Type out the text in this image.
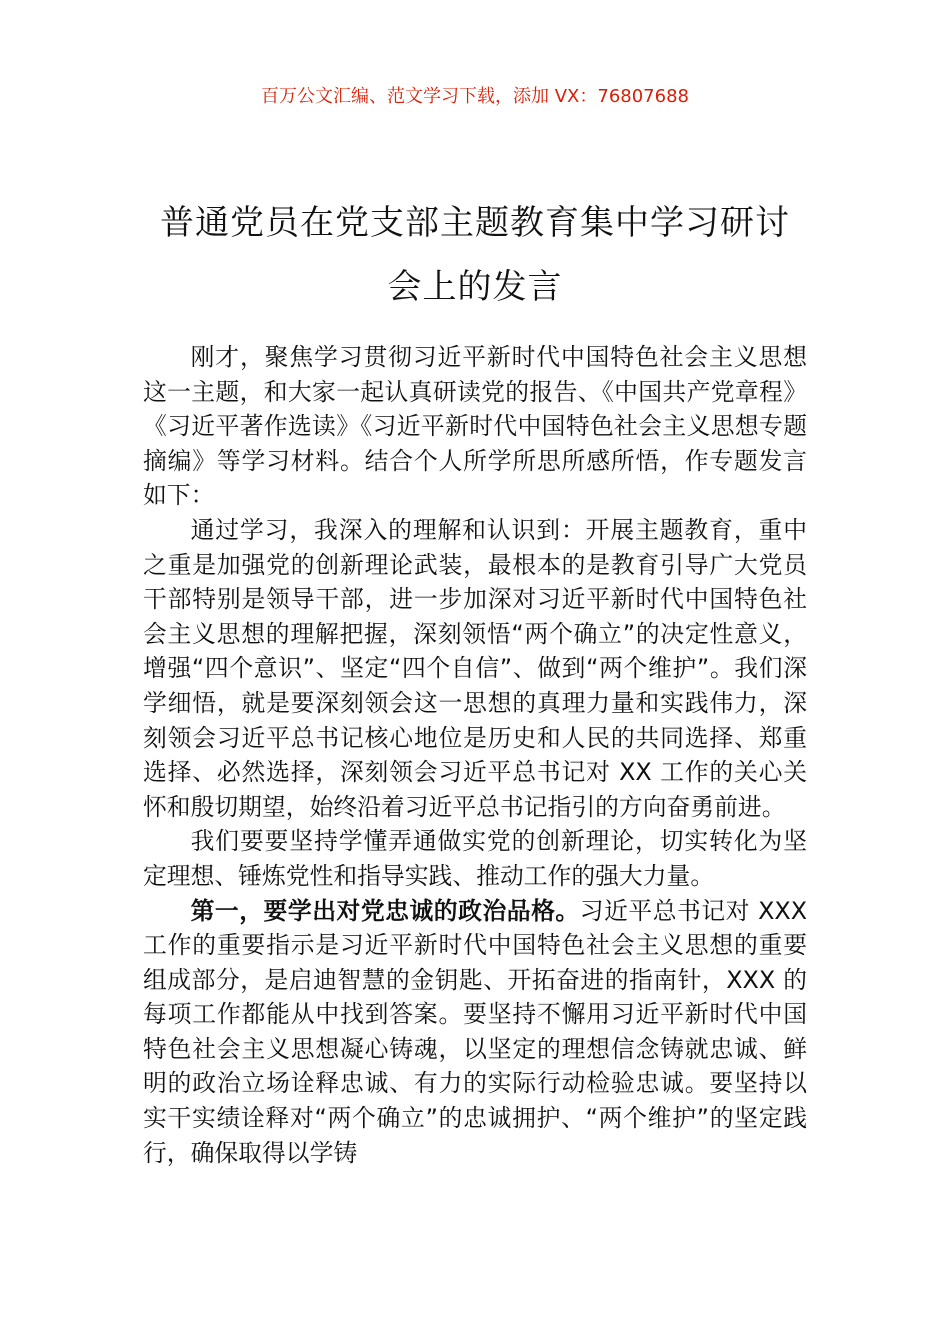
百万公文汇编、范文学习下载，添加 VX：76807688
普通党员在党支部主题教育集中学习研讨
会上的发言

刚才，聚焦学习贯彻习近平新时代中国特色社会主义思想这一主题，和大家一起认真研读党的报告、《中国共产党章程》《习近平著作选读》《习近平新时代中国特色社会主义思想专题摘编》等学习材料。结合个人所学所思所感所悟，作专题发言如下：

通过学习，我深入的理解和认识到：开展主题教育，重中之重是加强党的创新理论武装，最根本的是教育引导广大党员干部特别是领导干部，进一步加深对习近平新时代中国特色社会主义思想的理解把握，深刻领悟“两个确立”的决定性意义，增强“四个意识”、坚定“四个自信”、做到“两个维护”。我们深学细悟，就是要深刻领会这一思想的真理力量和实践伟力，深刻领会习近平总书记核心地位是历史和人民的共同选择、郑重选择、必然选择，深刻领会习近平总书记对 XX 工作的关心关怀和殷切期望，始终沿着习近平总书记指引的方向奋勇前进。

我们要要坚持学懂弄通做实党的创新理论，切实转化为坚定理想、锤炼党性和指导实践、推动工作的强大力量。

第一，要学出对党忠诚的政治品格。习近平总书记对 XXX 工作的重要指示是习近平新时代中国特色社会主义思想的重要组成部分，是启迪智慧的金钥匙、开拓奋进的指南针，XXX 的每项工作都能从中找到答案。要坚持不懈用习近平新时代中国特色社会主义思想凝心铸魂，以坚定的理想信念铸就忠诚、鲜明的政治立场诠释忠诚、有力的实际行动检验忠诚。要坚持以实干实绩诠释对“两个确立”的忠诚拥护、“两个维护”的坚定践行，确保取得以学铸
